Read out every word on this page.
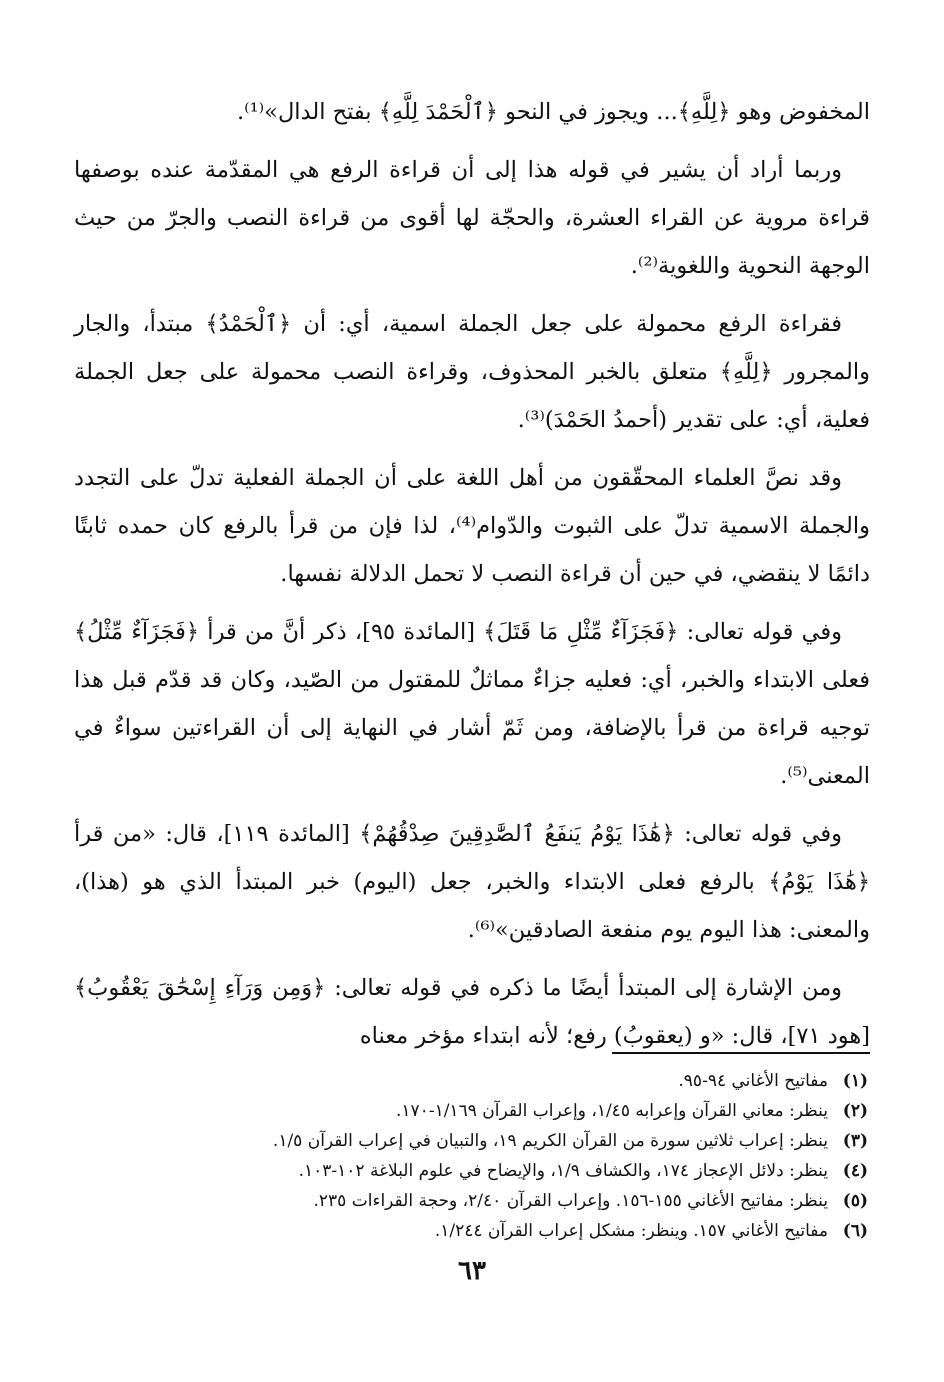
المخفوض وهو ﴿لِلَّهِ﴾... ويجوز في النحو ﴿ٱلْحَمْدَ لِلَّهِ﴾ بفتح الدال»⁽¹⁾.

وربما أراد أن يشير في قوله هذا إلى أن قراءة الرفع هي المقدّمة عنده بوصفها قراءة مروية عن القراء العشرة، والحجّة لها أقوى من قراءة النصب والجرّ من حيث الوجهة النحوية واللغوية⁽²⁾.

فقراءة الرفع محمولة على جعل الجملة اسمية، أي: أن ﴿ٱلْحَمْدُ﴾ مبتدأ، والجار والمجرور ﴿لِلَّهِ﴾ متعلق بالخبر المحذوف، وقراءة النصب محمولة على جعل الجملة فعلية، أي: على تقدير (أحمدُ الحَمْدَ)⁽³⁾.

وقد نصَّ العلماء المحقّقون من أهل اللغة على أن الجملة الفعلية تدلّ على التجدد والجملة الاسمية تدلّ على الثبوت والدّوام⁽⁴⁾، لذا فإن من قرأ بالرفع كان حمده ثابتًا دائمًا لا ينقضي، في حين أن قراءة النصب لا تحمل الدلالة نفسها.

وفي قوله تعالى: ﴿فَجَزَآءٌ مِّثْلِ مَا قَتَلَ﴾ [المائدة ٩٥]، ذكر أنَّ من قرأ ﴿فَجَزَآءٌ مِّثْلُ﴾ فعلى الابتداء والخبر، أي: فعليه جزاءٌ مماثلٌ للمقتول من الصّيد، وكان قد قدّم قبل هذا توجيه قراءة من قرأ بالإضافة، ومن ثَمّ أشار في النهاية إلى أن القراءتين سواءٌ في المعنى⁽⁵⁾.

وفي قوله تعالى: ﴿هَٰذَا يَوْمُ يَنفَعُ ٱلصَّٰدِقِينَ صِدْقُهُمْ﴾ [المائدة ١١٩]، قال: «من قرأ ﴿هَٰذَا يَوْمُ﴾ بالرفع فعلى الابتداء والخبر، جعل (اليوم) خبر المبتدأ الذي هو (هذا)، والمعنى: هذا اليوم يوم منفعة الصادقين»⁽⁶⁾.

ومن الإشارة إلى المبتدأ أيضًا ما ذكره في قوله تعالى: ﴿وَمِن وَرَآءِ إِسْحَٰقَ يَعْقُوبُ﴾ [هود ٧١]، قال: «و (يعقوبُ) رفع؛ لأنه ابتداء مؤخر معناه

(١)
مفاتيح الأغاني ٩٤-٩٥.
(٢)
ينظر: معاني القرآن وإعرابه ١/٤٥، وإعراب القرآن ١/١٦٩-١٧٠.
(٣)
ينظر: إعراب ثلاثين سورة من القرآن الكريم ١٩، والتبيان في إعراب القرآن ١/٥.
(٤)
ينظر: دلائل الإعجاز ١٧٤، والكشاف ١/٩، والإيضاح في علوم البلاغة ١٠٢-١٠٣.
(٥)
ينظر: مفاتيح الأغاني ١٥٥-١٥٦. وإعراب القرآن ٢/٤٠، وحجة القراءات ٢٣٥.
(٦)
مفاتيح الأغاني ١٥٧. وينظر: مشكل إعراب القرآن ١/٢٤٤.
٦٣
